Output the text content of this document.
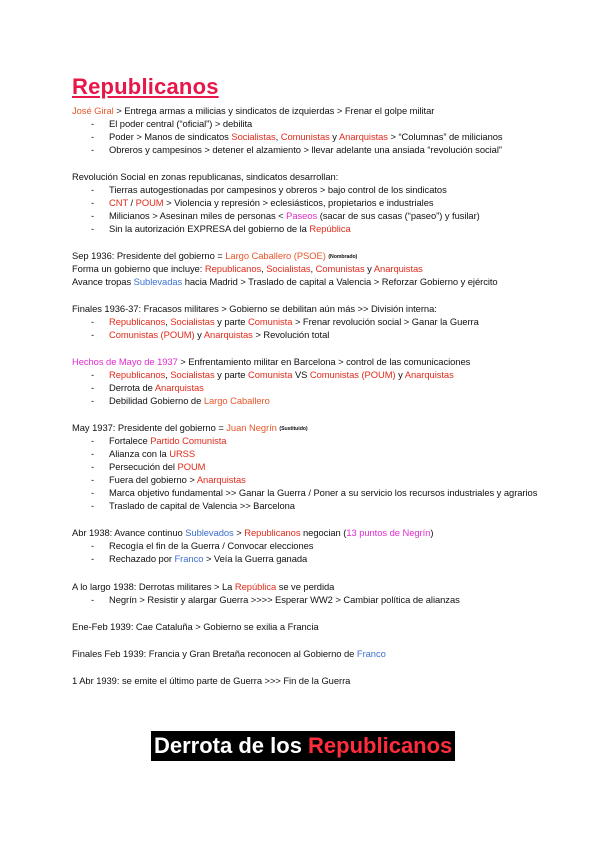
Republicanos
José Giral > Entrega armas a milicias y sindicatos de izquierdas > Frenar el golpe militar
- El poder central (“oficial”) > debilita
- Poder > Manos de sindicatos Socialistas, Comunistas y Anarquistas > “Columnas” de milicianos
- Obreros y campesinos > detener el alzamiento > llevar adelante una ansiada “revolución social”
Revolución Social en zonas republicanas, sindicatos desarrollan:
- Tierras autogestionadas por campesinos y obreros > bajo control de los sindicatos
- CNT / POUM > Violencia y represión > eclesiásticos, propietarios e industriales
- Milicianos > Asesinan miles de personas < Paseos (sacar de sus casas (“paseo”) y fusilar)
- Sin la autorización EXPRESA del gobierno de la República
Sep 1936: Presidente del gobierno = Largo Caballero (PSOE) (Nombrado)
Forma un gobierno que incluye: Republicanos, Socialistas, Comunistas y Anarquistas
Avance tropas Sublevadas hacia Madrid > Traslado de capital a Valencia > Reforzar Gobierno y ejército
Finales 1936-37: Fracasos militares > Gobierno se debilitan aún más >> División interna:
- Republicanos, Socialistas y parte Comunista > Frenar revolución social > Ganar la Guerra
- Comunistas (POUM) y Anarquistas > Revolución total
Hechos de Mayo de 1937 > Enfrentamiento militar en Barcelona > control de las comunicaciones
- Republicanos, Socialistas y parte Comunista VS Comunistas (POUM) y Anarquistas
- Derrota de Anarquistas
- Debilidad Gobierno de Largo Caballero
May 1937: Presidente del gobierno = Juan Negrín (Sustituido)
- Fortalece Partido Comunista
- Alianza con la URSS
- Persecución del POUM
- Fuera del gobierno > Anarquistas
- Marca objetivo fundamental >> Ganar la Guerra / Poner a su servicio los recursos industriales y agrarios
- Traslado de capital de Valencia >> Barcelona
Abr 1938: Avance continuo Sublevados > Republicanos negocian (13 puntos de Negrín)
- Recogía el fin de la Guerra / Convocar elecciones
- Rechazado por Franco > Veía la Guerra ganada
A lo largo 1938: Derrotas militares > La República se ve perdida
- Negrín > Resistir y alargar Guerra >>>> Esperar WW2 > Cambiar política de alianzas
Ene-Feb 1939: Cae Cataluña > Gobierno se exilia a Francia
Finales Feb 1939: Francia y Gran Bretaña reconocen al Gobierno de Franco
1 Abr 1939: se emite el último parte de Guerra >>> Fin de la Guerra
Derrota de los Republicanos
